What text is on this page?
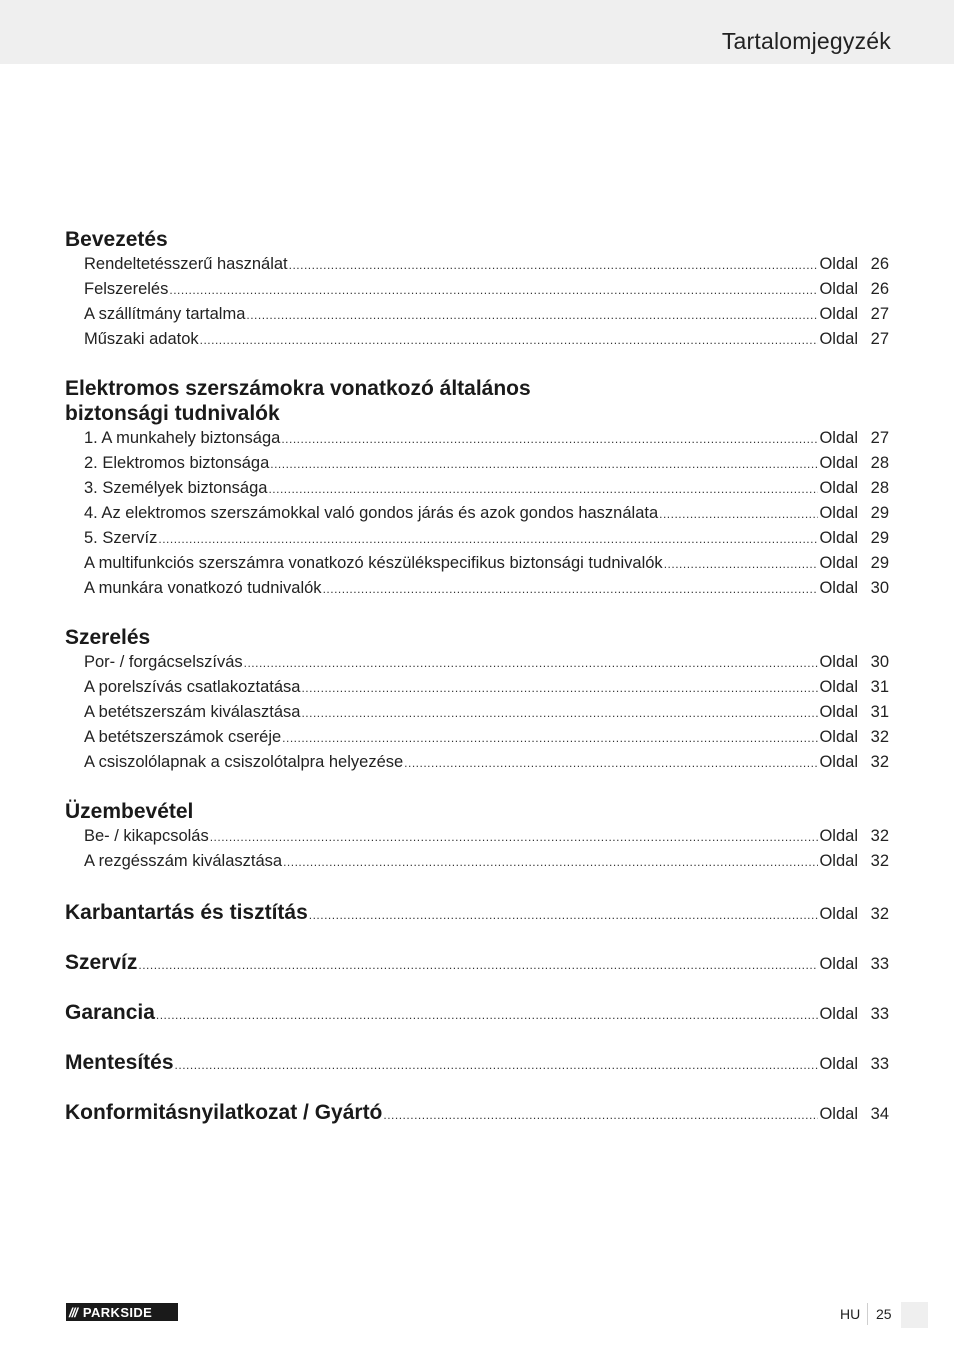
Tartalomjegyzék
Bevezetés
Rendeltetésszerű használat .....	Oldal 26
Felszerelés .....	Oldal 26
A szállítmány tartalma .....	Oldal 27
Műszaki adatok .....	Oldal 27
Elektromos szerszámokra vonatkozó általános
biztonsági tudnivalók
1. A munkahely biztonsága .....	Oldal 27
2. Elektromos biztonsága .....	Oldal 28
3. Személyek biztonsága .....	Oldal 28
4. Az elektromos szerszámokkal való gondos járás és azok gondos használata .....	Oldal 29
5. Szervíz .....	Oldal 29
A multifunkciós szerszámra vonatkozó készülékspecifikus biztonsági tudnivalók .....	Oldal 29
A munkára vonatkozó tudnivalók .....	Oldal 30
Szerelés
Por- / forgácselszívás .....	Oldal 30
A porelszívás csatlakoztatása .....	Oldal 31
A betétszerszám kiválasztása .....	Oldal 31
A betétszerszámok cseréje .....	Oldal 32
A csiszolólapnak a csiszolótalpra helyezése .....	Oldal 32
Üzembevétel
Be- / kikapcsolás .....	Oldal 32
A rezgésszám kiválasztása .....	Oldal 32
Karbantartás és tisztítás .....	Oldal 32
Szervíz .....	Oldal 33
Garancia .....	Oldal 33
Mentesítés .....	Oldal 33
Konformitásnyilatkozat / Gyártó .....	Oldal 34
/// PARKSIDE	HU 25
